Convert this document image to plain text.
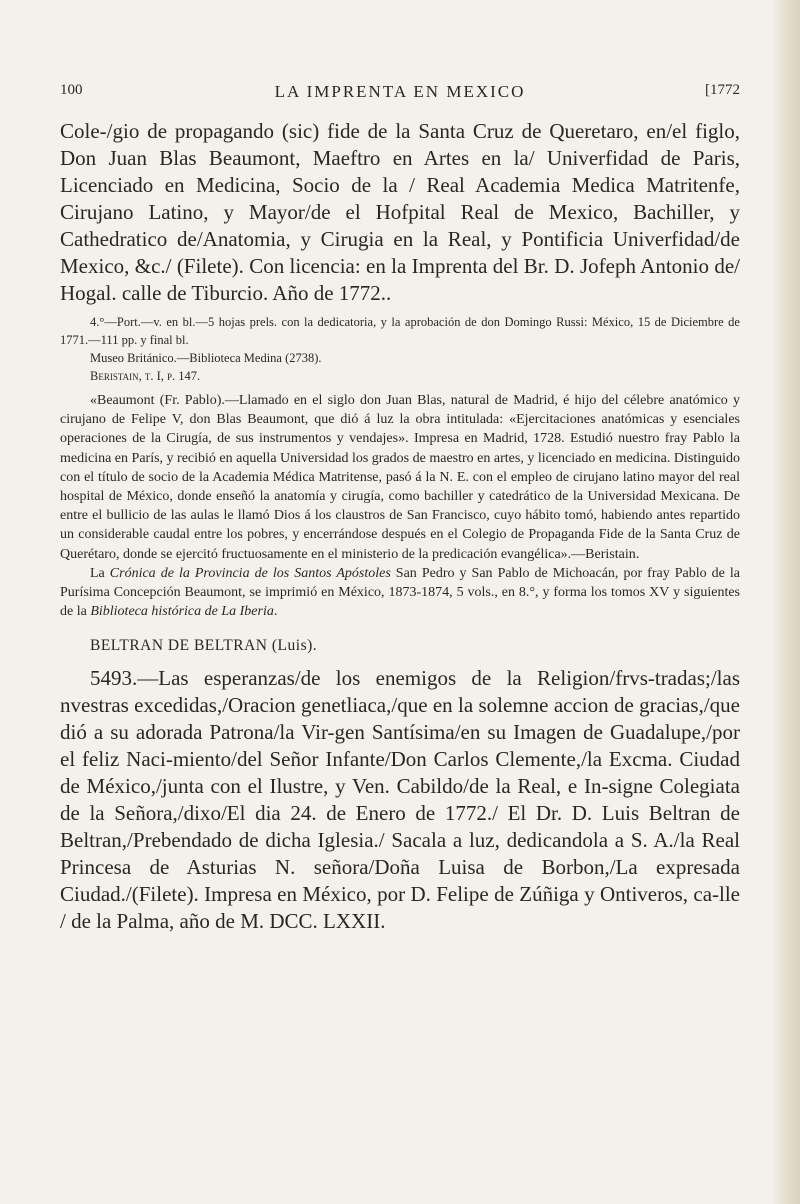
100	LA IMPRENTA EN MEXICO	[1772

Cole-/gio de propagando (sic) fide de la Santa Cruz de Queretaro, en/el figlo, Don Juan Blas Beaumont, Maeftro en Artes en la/ Univerfidad de Paris, Licenciado en Medicina, Socio de la / Real Academia Medica Matritenfe, Cirujano Latino, y Mayor/de el Hofpital Real de Mexico, Bachiller, y Cathedratico de/Anatomia, y Cirugia en la Real, y Pontificia Univerfidad/de Mexico, &c./ (Filete). Con licencia: en la Imprenta del Br. D. Jofeph Antonio de/ Hogal. calle de Tiburcio. Año de 1772..

4.°—Port.—v. en bl.—5 hojas prels. con la dedicatoria, y la aprobación de don Domingo Russi: México, 15 de Diciembre de 1771.—111 pp. y final bl.

Museo Británico.—Biblioteca Medina (2738).

Beristain, t. I, p. 147.

«Beaumont (Fr. Pablo).—Llamado en el siglo don Juan Blas, natural de Madrid, é hijo del célebre anatómico y cirujano de Felipe V, don Blas Beaumont, que dió á luz la obra intitulada: «Ejercitaciones anatómicas y esenciales operaciones de la Cirugía, de sus instrumentos y vendajes». Impresa en Madrid, 1728. Estudió nuestro fray Pablo la medicina en París, y recibió en aquella Universidad los grados de maestro en artes, y licenciado en medicina. Distinguido con el título de socio de la Academia Médica Matritense, pasó á la N. E. con el empleo de cirujano latino mayor del real hospital de México, donde enseñó la anatomía y cirugía, como bachiller y catedrático de la Universidad Mexicana. De entre el bullicio de las aulas le llamó Dios á los claustros de San Francisco, cuyo hábito tomó, habiendo antes repartido un considerable caudal entre los pobres, y encerrándose después en el Colegio de Propaganda Fide de la Santa Cruz de Querétaro, donde se ejercitó fructuosamente en el ministerio de la predicación evangélica».—Beristain.

La Crónica de la Provincia de los Santos Apóstoles San Pedro y San Pablo de Michoacán, por fray Pablo de la Purísima Concepción Beaumont, se imprimió en México, 1873-1874, 5 vols., en 8.°, y forma los tomos XV y siguientes de la Biblioteca histórica de La Iberia.

BELTRAN DE BELTRAN (Luis).

5493.—Las esperanzas/de los enemigos de la Religion/frvs-tradas;/las nvestras excedidas,/Oracion genetliaca,/que en la solemne accion de gracias,/que dió a su adorada Patrona/la Vir-gen Santísima/en su Imagen de Guadalupe,/por el feliz Naci-miento/del Señor Infante/Don Carlos Clemente,/la Excma. Ciudad de México,/junta con el Ilustre, y Ven. Cabildo/de la Real, e In-signe Colegiata de la Señora,/dixo/El dia 24. de Enero de 1772./ El Dr. D. Luis Beltran de Beltran,/Prebendado de dicha Iglesia./ Sacala a luz, dedicandola a S. A./la Real Princesa de Asturias N. señora/Doña Luisa de Borbon,/La expresada Ciudad./(Filete). Impresa en México, por D. Felipe de Zúñiga y Ontiveros, ca-lle / de la Palma, año de M. DCC. LXXII.
